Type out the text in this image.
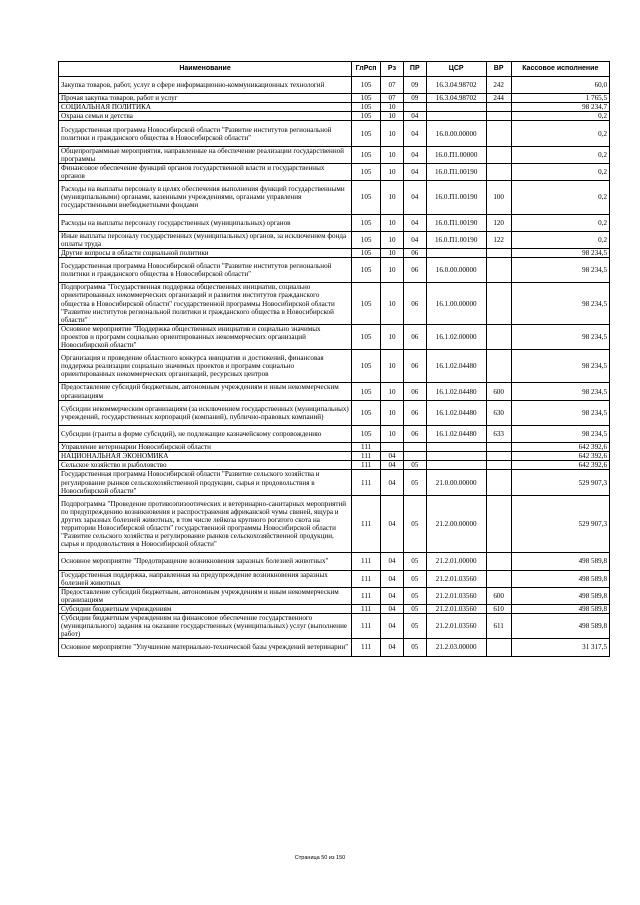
Наименование	ГлРсп	Рз	ПР	ЦСР	ВР	Кассовое исполнение
Закупка товаров, работ, услуг в сфере информационно-коммуникационных технологий	105	07	09	16.3.04.98702	242	60,0
Прочая закупка товаров, работ и услуг	105	07	09	16.3.04.98702	244	1 765,5
СОЦИАЛЬНАЯ ПОЛИТИКА	105	10				98 234,7
Охрана семьи и детства	105	10	04			0,2
Государственная программа Новосибирской области "Развитие институтов региональной политики и гражданского общества в Новосибирской области"	105	10	04	16.0.00.00000		0,2
Общепрограммные мероприятия, направленные на обеспечение реализации государственной программы	105	10	04	16.0.П1.00000		0,2
Финансовое обеспечение функций органов государственной власти и государственных органов	105	10	04	16.0.П1.00190		0,2
Расходы на выплаты персоналу в целях обеспечения выполнения функций государственными (муниципальными) органами, казенными учреждениями, органами управления государственными внебюджетными фондами	105	10	04	16.0.П1.00190	100	0,2
Расходы на выплаты персоналу государственных (муниципальных) органов	105	10	04	16.0.П1.00190	120	0,2
Иные выплаты персоналу государственных (муниципальных) органов, за исключением фонда оплаты труда	105	10	04	16.0.П1.00190	122	0,2
Другие вопросы в области социальной политики	105	10	06			98 234,5
Государственная программа Новосибирской области "Развитие институтов региональной политики и гражданского общества в Новосибирской области"	105	10	06	16.0.00.00000		98 234,5
Подпрограмма "Государственная поддержка общественных инициатив, социально ориентированных некоммерческих организаций и развития институтов гражданского общества в Новосибирской области" государственной программы Новосибирской области "Развитие институтов региональной политики и гражданского общества в Новосибирской области"	105	10	06	16.1.00.00000		98 234,5
Основное мероприятие "Поддержка общественных инициатив и социально значимых проектов и программ социально ориентированных некоммерческих организаций Новосибирской области"	105	10	06	16.1.02.00000		98 234,5
Организация и проведение областного конкурса инициатив и достижений, финансовая поддержка реализации социально значимых проектов и программ социально ориентированных некоммерческих организаций, ресурсных центров	105	10	06	16.1.02.04480		98 234,5
Предоставление субсидий бюджетным, автономным учреждениям и иным некоммерческим организациям	105	10	06	16.1.02.04480	600	98 234,5
Субсидии некоммерческим организациям (за исключением государственных (муниципальных) учреждений, государственных корпораций (компаний), публично-правовых компаний)	105	10	06	16.1.02.04480	630	98 234,5
Субсидии (гранты в форме субсидий), не подлежащие казначейскому сопровождению	105	10	06	16.1.02.04480	633	98 234,5
Управление ветеринарии Новосибирской области	111					642 392,6
НАЦИОНАЛЬНАЯ ЭКОНОМИКА	111	04				642 392,6
Сельское хозяйство и рыболовство	111	04	05			642 392,6
Государственная программа Новосибирской области "Развитие сельского хозяйства и регулирование рынков сельскохозяйственной продукции, сырья и продовольствия в Новосибирской области"	111	04	05	21.0.00.00000		529 907,3
Подпрограмма "Проведение противоэпизоотических и ветеринарно-санитарных мероприятий по предупреждению возникновения и распространения африканской чумы свиней, ящура и других заразных болезней животных, в том числе лейкоза крупного рогатого скота на территории Новосибирской области" государственной программы Новосибирской области "Развитие сельского хозяйства и регулирование рынков сельскохозяйственной продукции, сырья и продовольствия в Новосибирской области"	111	04	05	21.2.00.00000		529 907,3
Основное мероприятие "Предотвращение возникновения заразных болезней животных"	111	04	05	21.2.01.00000		498 589,8
Государственная поддержка, направленная на предупреждение возникновения заразных болезней животных	111	04	05	21.2.01.03560		498 589,8
Предоставление субсидий бюджетным, автономным учреждениям и иным некоммерческим организациям	111	04	05	21.2.01.03560	600	498 589,8
Субсидии бюджетным учреждениям	111	04	05	21.2.01.03560	610	498 589,8
Субсидии бюджетным учреждениям на финансовое обеспечение государственного (муниципального) задания на оказание государственных (муниципальных) услуг (выполнение работ)	111	04	05	21.2.01.03560	611	498 589,8
Основное мероприятие "Улучшение материально-технической базы учреждений ветеринарии"	111	04	05	21.2.03.00000		31 317,5
Страница 50 из 150
